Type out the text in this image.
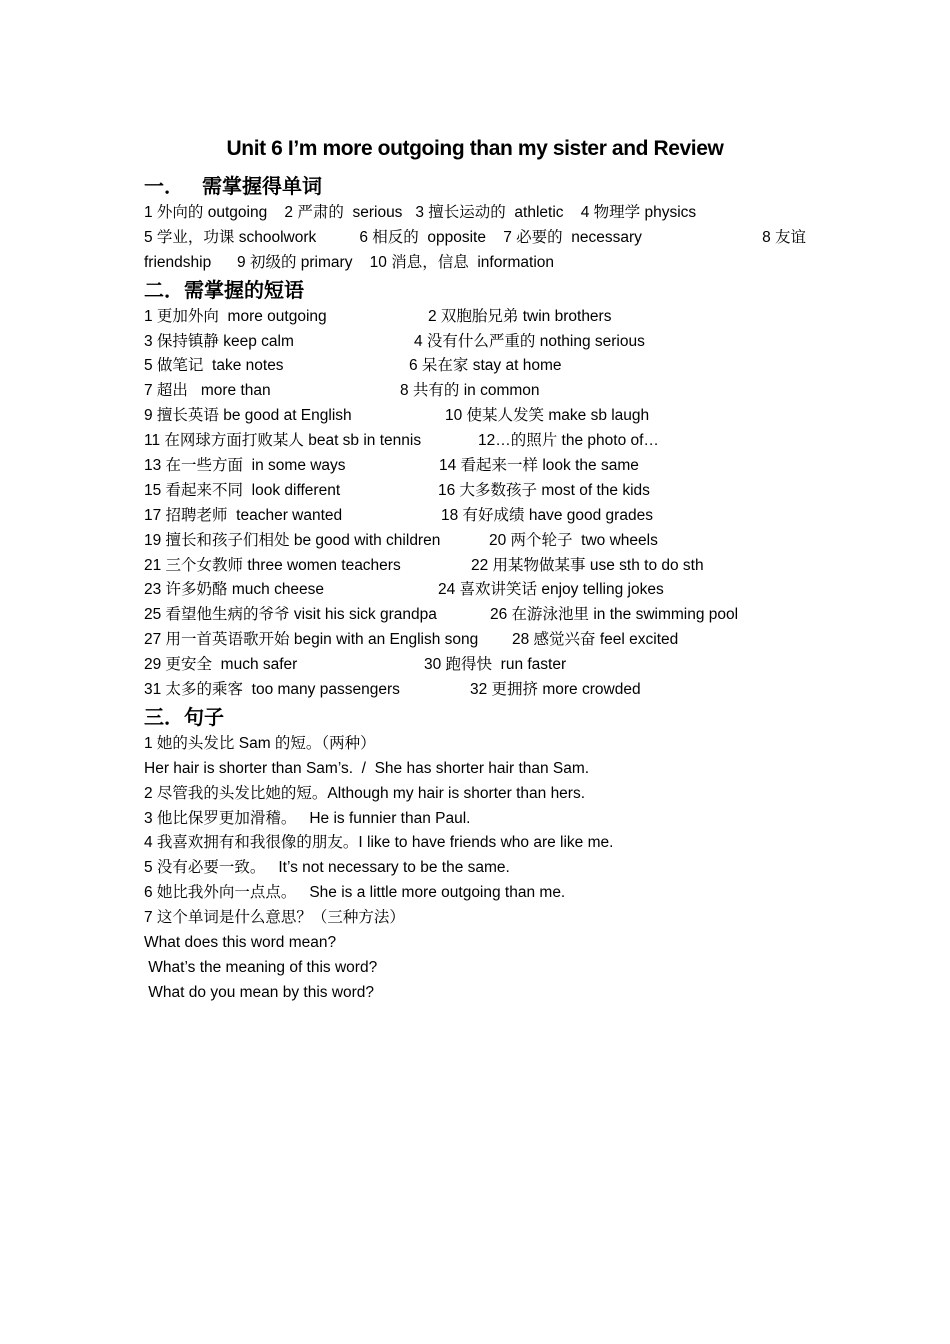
Unit 6 I’m more outgoing than my sister and Review
一． 需掌握得单词
1 外向的 outgoing    2 严肃的  serious   3 擅长运动的  athletic    4 物理学 physics
5 学业，功课 schoolwork          6 相反的  opposite    7 必要的  necessary	8 友谊
friendship      9 初级的 primary    10 消息，信息  information
二．需掌握的短语
1 更加外向  more outgoing	2 双胞胎兄弟 twin brothers
3 保持镇静 keep calm	4 没有什么严重的 nothing serious
5 做笔记  take notes	6 呆在家 stay at home
7 超出   more than	8 共有的 in common
9 擅长英语 be good at English	10 使某人发笑 make sb laugh
11 在网球方面打败某人 beat sb in tennis	12…的照片 the photo of…
13 在一些方面  in some ways	14 看起来一样 look the same
15 看起来不同  look different	16 大多数孩子 most of the kids
17 招聘老师  teacher wanted	18 有好成绩 have good grades
19 擅长和孩子们相处 be good with children	20 两个轮子  two wheels
21 三个女教师 three women teachers	22 用某物做某事 use sth to do sth
23 许多奶酪 much cheese	24 喜欢讲笑话 enjoy telling jokes
25 看望他生病的爷爷 visit his sick grandpa	26 在游泳池里 in the swimming pool
27 用一首英语歌开始 begin with an English song 28 感觉兴奋 feel excited
29 更安全  much safer	30 跑得快  run faster
31 太多的乘客  too many passengers	32 更拥挤 more crowded
三．句子
1 她的头发比 Sam 的短。（两种）
Her hair is shorter than Sam’s.  /  She has shorter hair than Sam.
2 尽管我的头发比她的短。Although my hair is shorter than hers.
3 他比保罗更加滑稽。   He is funnier than Paul.
4 我喜欢拥有和我很像的朋友。I like to have friends who are like me.
5 没有必要一致。   It’s not necessary to be the same.
6 她比我外向一点点。   She is a little more outgoing than me.
7 这个单词是什么意思？（三种方法）
What does this word mean?
What’s the meaning of this word?
What do you mean by this word?
